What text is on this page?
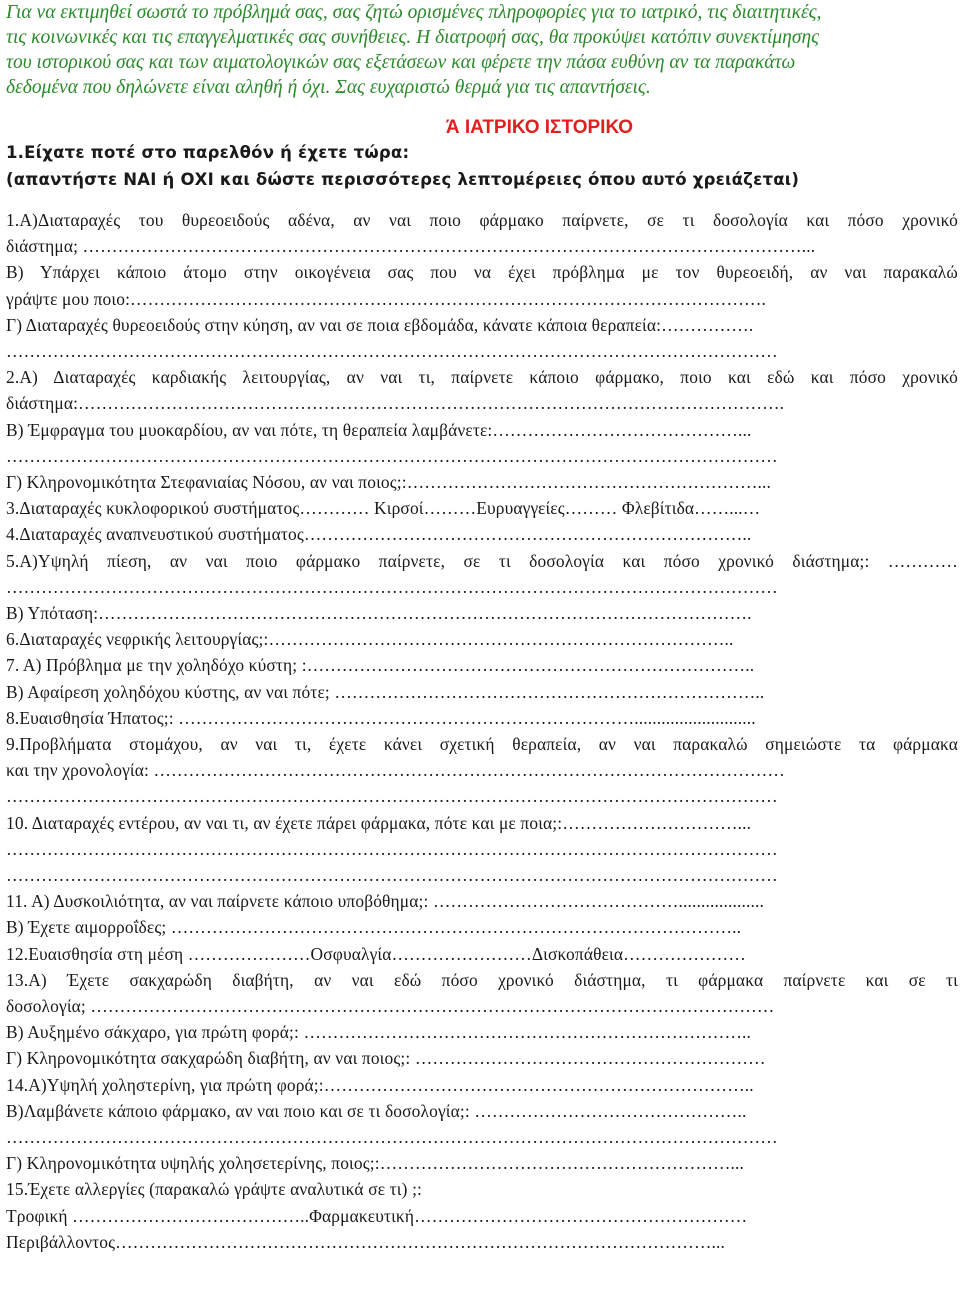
Για να εκτιμηθεί σωστά το πρόβλημά σας, σας ζητώ ορισμένες πληροφορίες για το ιατρικό, τις διαιτητικές,
τις κοινωνικές και τις επαγγελματικές σας συνήθειες. Η διατροφή σας, θα προκύψει κατόπιν συνεκτίμησης
του ιστορικού σας και των αιματολογικών σας εξετάσεων και φέρετε την πάσα ευθύνη αν τα παρακάτω
δεδομένα που δηλώνετε είναι αληθή ή όχι. Σας ευχαριστώ θερμά για τις απαντήσεις.
Ά ΙΑΤΡΙΚΟ ΙΣΤΟΡΙΚΟ
1.Είχατε ποτέ στο παρελθόν ή έχετε τώρα:
(απαντήστε ΝΑΙ ή ΟΧΙ και δώστε περισσότερες λεπτομέρειες όπου αυτό χρειάζεται)
1.Α)Διαταραχές του θυρεοειδούς αδένα, αν ναι ποιο φάρμακο παίρνετε, σε τι δοσολογία και πόσο χρονικό
διάστημα; ……………………………………………………………………………………………………………...
Β) Υπάρχει κάποιο άτομο στην οικογένεια σας που να έχει πρόβλημα με τον θυρεοειδή, αν ναι παρακαλώ
γράψτε μου ποιο:……………………………………………………………………………………………….
Γ) Διαταραχές θυρεοειδούς στην κύηση, αν ναι σε ποια εβδομάδα, κάνατε κάποια θεραπεία:…………….
……………………………………………………………………………………………………………………
2.Α) Διαταραχές καρδιακής λειτουργίας, αν ναι τι, παίρνετε κάποιο φάρμακο, ποιο και εδώ και πόσο χρονικό
διάστημα:………………………………………………………………………………………………………….
Β) Έμφραγμα του μυοκαρδίου, αν ναι πότε, τη θεραπεία λαμβάνετε:……………………………………...
……………………………………………………………………………………………………………………
Γ) Κληρονομικότητα Στεφανιαίας Νόσου, αν ναι ποιος;:……………………………………………………...
3.Διαταραχές κυκλοφορικού συστήματος………… Κιρσοί………Ευρυαγγείες……… Φλεβίτιδα……...…
4.Διαταραχές αναπνευστικού συστήματος…………………………………………………………………..
5.Α)Υψηλή πίεση, αν ναι ποιο φάρμακο παίρνετε, σε τι δοσολογία και πόσο χρονικό διάστημα;: …………
……………………………………………………………………………………………………………………
Β) Υπόταση:………………………………………………………………………………………………….
6.Διαταραχές νεφρικής λειτουργίας;:……………………………………………………………………..
7. Α) Πρόβλημα με την χοληδόχο κύστη; :…………………………………………………………………..
Β) Αφαίρεση χοληδόχου κύστης, αν ναι πότε; ………………………………………………………………..
8.Ευαισθησία Ήπατος;: ……………………………………………………………………...........................
9.Προβλήματα στομάχου, αν ναι τι, έχετε κάνει σχετική θεραπεία, αν ναι παρακαλώ σημειώστε τα φάρμακα
και την χρονολογία: ………………………………………………………………………………………………
……………………………………………………………………………………………………………………
10. Διαταραχές εντέρου, αν ναι τι, αν έχετε πάρει φάρμακα, πότε και με ποια;:…………………………...
……………………………………………………………………………………………………………………
……………………………………………………………………………………………………………………
11. Α) Δυσκοιλιότητα, αν ναι παίρνετε κάποιο υποβόθημα;: ……………………………………...................
Β) Έχετε αιμορροΐδες; ……………………………………………………………………………………..
12.Ευαισθησία στη μέση …………………Οσφυαλγία……………………Δισκοπάθεια…………………
13.Α) Έχετε σακχαρώδη διαβήτη, αν ναι εδώ πόσο χρονικό διάστημα, τι φάρμακα παίρνετε και σε τι
δοσολογία; ………………………………………………………………………………………………………
Β) Αυξημένο σάκχαρο, για πρώτη φορά;: …………………………………………………………………..
Γ) Κληρονομικότητα σακχαρώδη διαβήτη, αν ναι ποιος;: ……………………………………………………
14.Α)Υψηλή χοληστερίνη, για πρώτη φορά;:………………………………………………………………..
Β)Λαμβάνετε κάποιο φάρμακο, αν ναι ποιο και σε τι δοσολογία;: ………………………………………..
……………………………………………………………………………………………………………………
Γ) Κληρονομικότητα υψηλής χολησετερίνης, ποιος;:……………………………………………………...
15.Έχετε αλλεργίες (παρακαλώ γράψτε αναλυτικά σε τι) ;:
Τροφική …………………………………..Φαρμακευτική…………………………………………………
Περιβάλλοντος…………………………………………………………………………………………...
